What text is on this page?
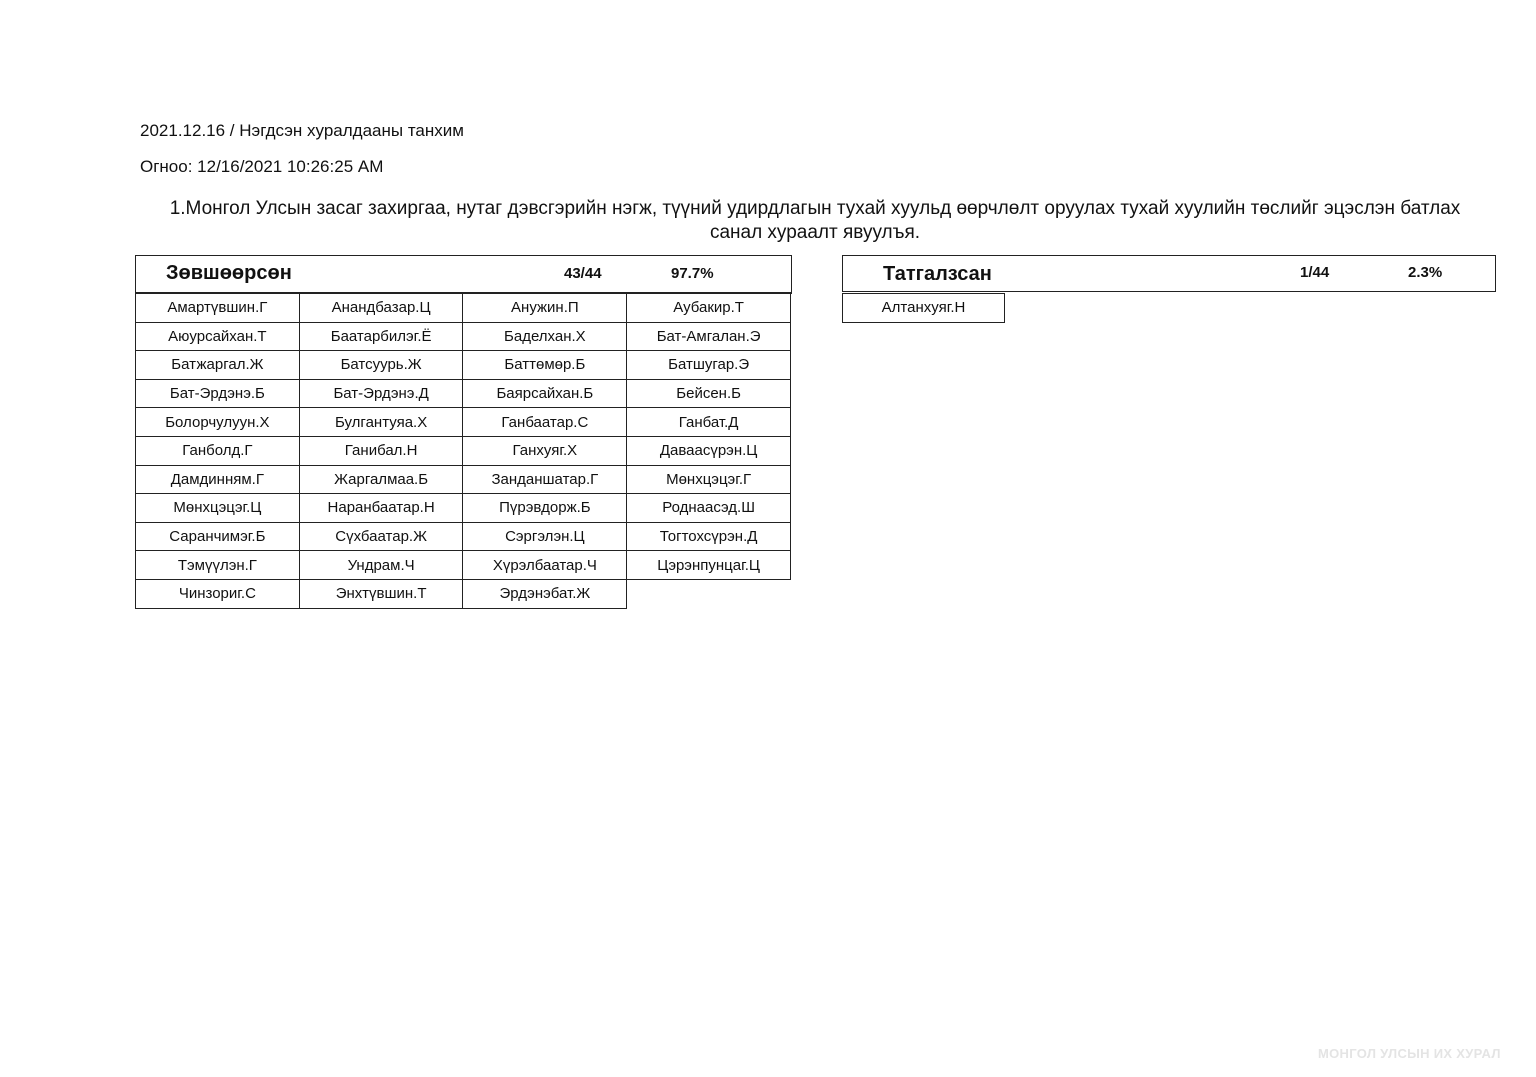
2021.12.16 / Нэгдсэн хуралдааны танхим
Огноо: 12/16/2021 10:26:25 AM
1.Монгол Улсын засаг захиргаа, нутаг дэвсгэрийн нэгж, түүний удирдлагын тухай хуульд өөрчлөлт оруулах тухай хуулийн төслийг эцэслэн батлах санал хураалт явуулъя.
Зөвшөөрсөн	43/44	97.7%
Амартүвшин.Г	Анандбазар.Ц	Анужин.П	Аубакир.Т
Аюурсайхан.Т	Баатарбилэг.Ё	Баделхан.Х	Бат-Амгалан.Э
Батжаргал.Ж	Батсуурь.Ж	Баттөмөр.Б	Батшугар.Э
Бат-Эрдэнэ.Б	Бат-Эрдэнэ.Д	Баярсайхан.Б	Бейсен.Б
Болорчулуун.Х	Булгантуяа.Х	Ганбаатар.С	Ганбат.Д
Ганболд.Г	Ганибал.Н	Ганхуяг.Х	Даваасүрэн.Ц
Дамдинням.Г	Жаргалмаа.Б	Занданшатар.Г	Мөнхцэцэг.Г
Мөнхцэцэг.Ц	Наранбаатар.Н	Пүрэвдорж.Б	Роднаасэд.Ш
Саранчимэг.Б	Сүхбаатар.Ж	Сэргэлэн.Ц	Тогтохсүрэн.Д
Тэмүүлэн.Г	Ундрам.Ч	Хүрэлбаатар.Ч	Цэрэнпунцаг.Ц
Чинзориг.С	Энхтүвшин.Т	Эрдэнэбат.Ж	
Татгалзсан	1/44	2.3%
Алтанхуяг.Н
МОНГОЛ УЛСЫН ИХ ХУРАЛ
